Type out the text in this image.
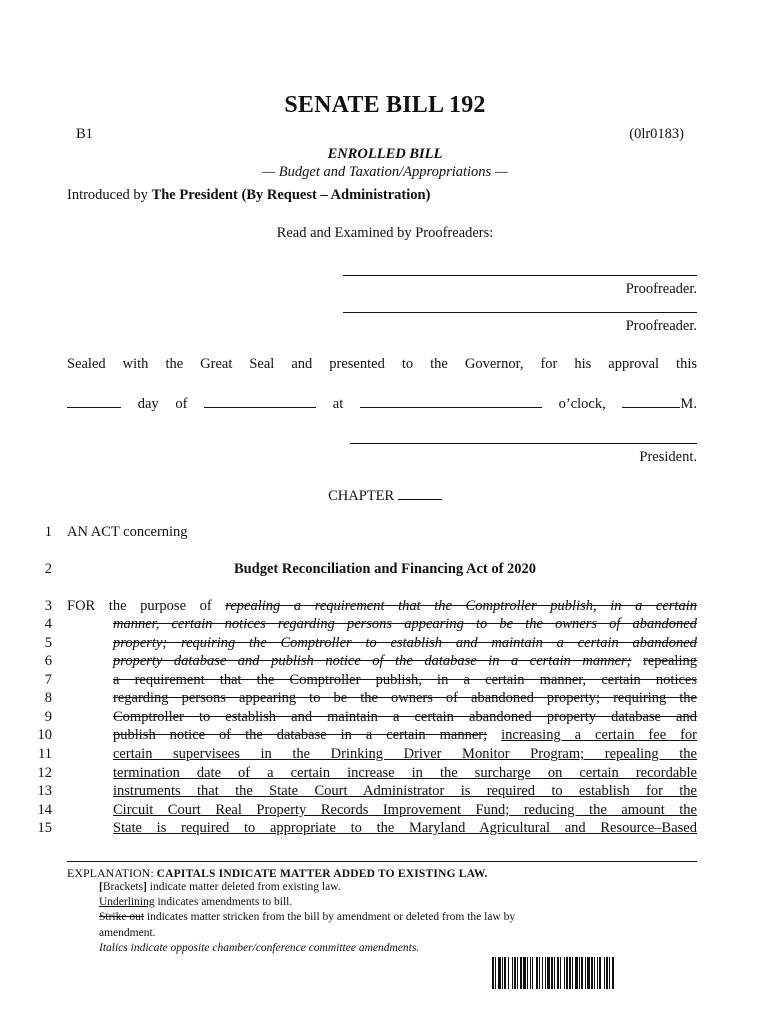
SENATE BILL 192
B1	(0lr0183)
ENROLLED BILL
— Budget and Taxation/Appropriations —
Introduced by The President (By Request – Administration)
Read and Examined by Proofreaders:
Proofreader.
Proofreader.
Sealed with the Great Seal and presented to the Governor, for his approval this
day of	at	o’clock,	M.
President.
CHAPTER
1 AN ACT concerning
2	Budget Reconciliation and Financing Act of 2020
3 FOR the purpose of repealing a requirement that the Comptroller publish, in a certain
4	manner, certain notices regarding persons appearing to be the owners of abandoned
5	property; requiring the Comptroller to establish and maintain a certain abandoned
6	property database and publish notice of the database in a certain manner; repealing
7	a requirement that the Comptroller publish, in a certain manner, certain notices
8	regarding persons appearing to be the owners of abandoned property; requiring the
9	Comptroller to establish and maintain a certain abandoned property database and
10	publish notice of the database in a certain manner; increasing a certain fee for
11	certain supervisees in the Drinking Driver Monitor Program; repealing the
12	termination date of a certain increase in the surcharge on certain recordable
13	instruments that the State Court Administrator is required to establish for the
14	Circuit Court Real Property Records Improvement Fund; reducing the amount the
15	State is required to appropriate to the Maryland Agricultural and Resource–Based
EXPLANATION: CAPITALS INDICATE MATTER ADDED TO EXISTING LAW.
[Brackets] indicate matter deleted from existing law.
Underlining indicates amendments to bill.
Strike out indicates matter stricken from the bill by amendment or deleted from the law by
amendment.
Italics indicate opposite chamber/conference committee amendments.
